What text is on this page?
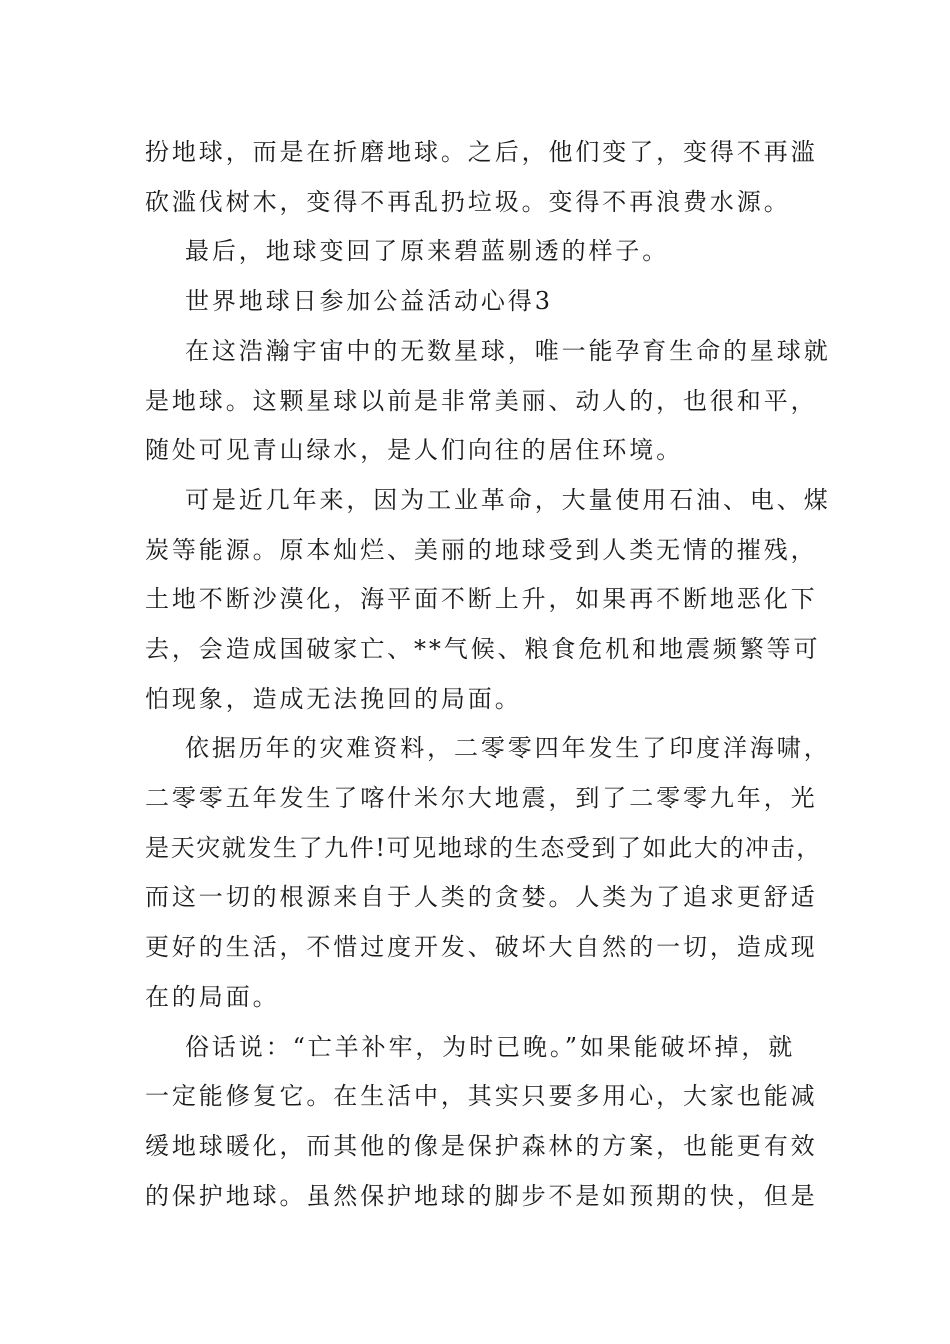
扮地球，而是在折磨地球。之后，他们变了，变得不再滥
砍滥伐树木，变得不再乱扔垃圾。变得不再浪费水源。
最后，地球变回了原来碧蓝剔透的样子。
世界地球日参加公益活动心得3
在这浩瀚宇宙中的无数星球，唯一能孕育生命的星球就
是地球。这颗星球以前是非常美丽、动人的，也很和平，
随处可见青山绿水，是人们向往的居住环境。
可是近几年来，因为工业革命，大量使用石油、电、煤
炭等能源。原本灿烂、美丽的地球受到人类无情的摧残，
土地不断沙漠化，海平面不断上升，如果再不断地恶化下
去，会造成国破家亡、**气候、粮食危机和地震频繁等可
怕现象，造成无法挽回的局面。
依据历年的灾难资料，二零零四年发生了印度洋海啸，
二零零五年发生了喀什米尔大地震，到了二零零九年，光
是天灾就发生了九件!可见地球的生态受到了如此大的冲击，
而这一切的根源来自于人类的贪婪。人类为了追求更舒适
更好的生活，不惜过度开发、破坏大自然的一切，造成现
在的局面。
俗话说：“亡羊补牢，为时已晚。”如果能破坏掉，就
一定能修复它。在生活中，其实只要多用心，大家也能减
缓地球暖化，而其他的像是保护森林的方案，也能更有效
的保护地球。虽然保护地球的脚步不是如预期的快，但是
